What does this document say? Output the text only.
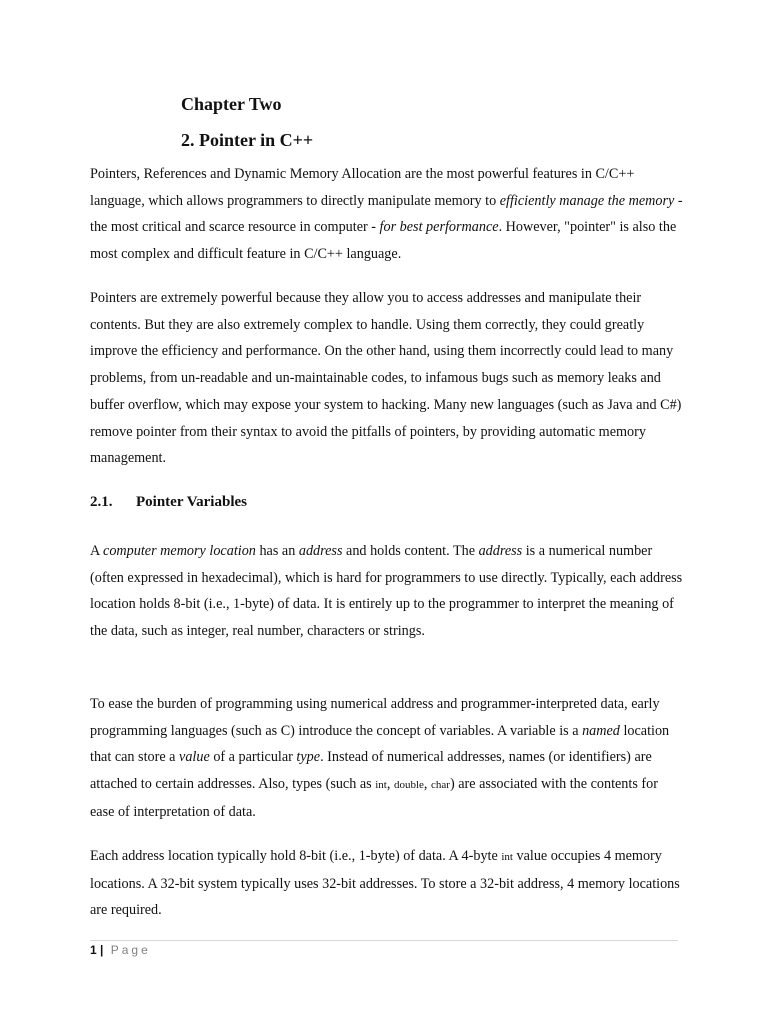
Chapter Two
2. Pointer in C++

Pointers, References and Dynamic Memory Allocation are the most powerful features in C/C++ language, which allows programmers to directly manipulate memory to efficiently manage the memory - the most critical and scarce resource in computer - for best performance. However, "pointer" is also the most complex and difficult feature in C/C++ language.

Pointers are extremely powerful because they allow you to access addresses and manipulate their contents. But they are also extremely complex to handle. Using them correctly, they could greatly improve the efficiency and performance. On the other hand, using them incorrectly could lead to many problems, from un-readable and un-maintainable codes, to infamous bugs such as memory leaks and buffer overflow, which may expose your system to hacking. Many new languages (such as Java and C#) remove pointer from their syntax to avoid the pitfalls of pointers, by providing automatic memory management.

2.1. Pointer Variables

A computer memory location has an address and holds content. The address is a numerical number (often expressed in hexadecimal), which is hard for programmers to use directly. Typically, each address location holds 8-bit (i.e., 1-byte) of data. It is entirely up to the programmer to interpret the meaning of the data, such as integer, real number, characters or strings.

To ease the burden of programming using numerical address and programmer-interpreted data, early programming languages (such as C) introduce the concept of variables. A variable is a named location that can store a value of a particular type. Instead of numerical addresses, names (or identifiers) are attached to certain addresses. Also, types (such as int, double, char) are associated with the contents for ease of interpretation of data.

Each address location typically hold 8-bit (i.e., 1-byte) of data. A 4-byte int value occupies 4 memory locations. A 32-bit system typically uses 32-bit addresses. To store a 32-bit address, 4 memory locations are required.

1 | Page
